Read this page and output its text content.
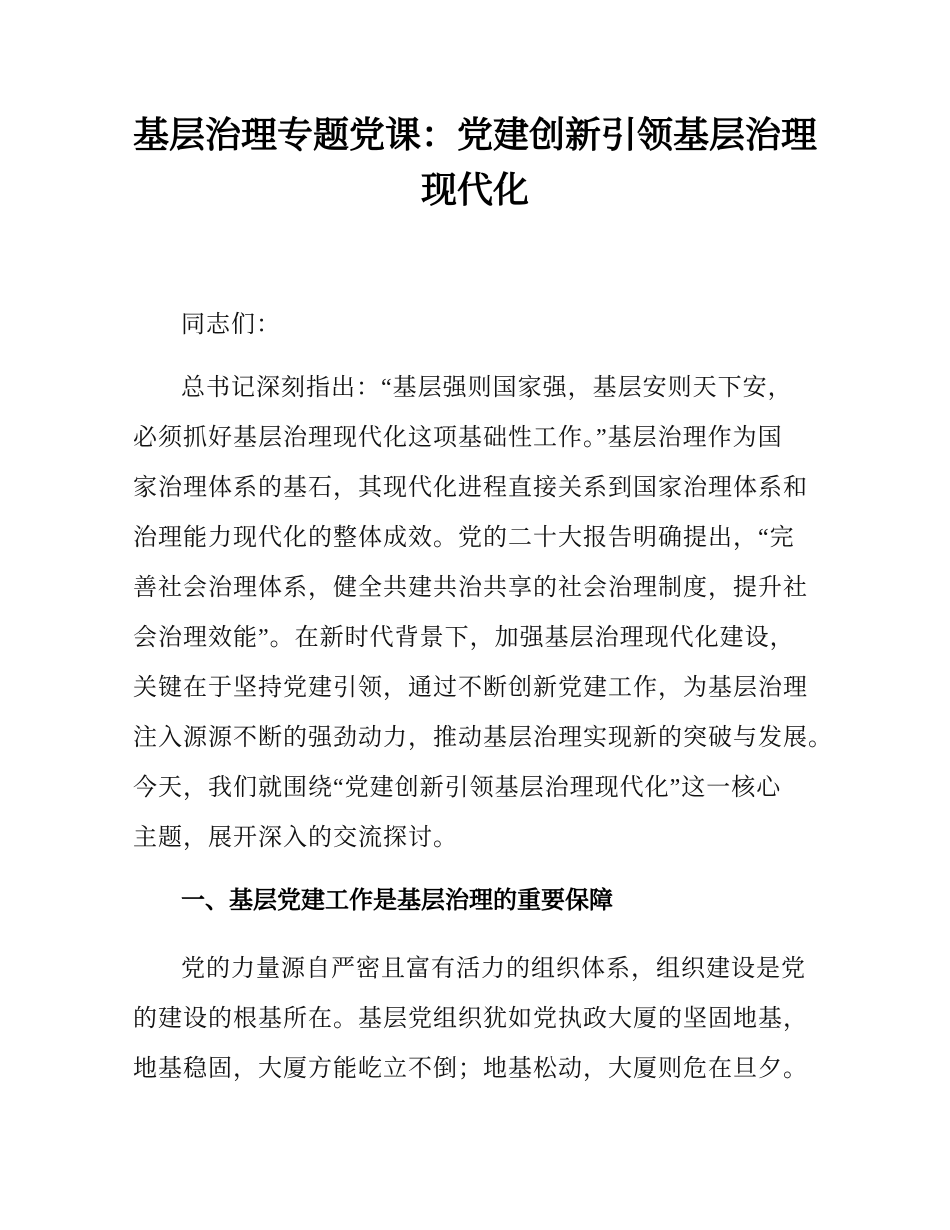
基层治理专题党课：党建创新引领基层治理
现代化
同志们：
总书记深刻指出：“基层强则国家强，基层安则天下安，
必须抓好基层治理现代化这项基础性工作。”基层治理作为国
家治理体系的基石，其现代化进程直接关系到国家治理体系和
治理能力现代化的整体成效。党的二十大报告明确提出，“完
善社会治理体系，健全共建共治共享的社会治理制度，提升社
会治理效能”。在新时代背景下，加强基层治理现代化建设，
关键在于坚持党建引领，通过不断创新党建工作，为基层治理
注入源源不断的强劲动力，推动基层治理实现新的突破与发展。
今天，我们就围绕“党建创新引领基层治理现代化”这一核心
主题，展开深入的交流探讨。
一、基层党建工作是基层治理的重要保障
党的力量源自严密且富有活力的组织体系，组织建设是党
的建设的根基所在。基层党组织犹如党执政大厦的坚固地基，
地基稳固，大厦方能屹立不倒；地基松动，大厦则危在旦夕。
